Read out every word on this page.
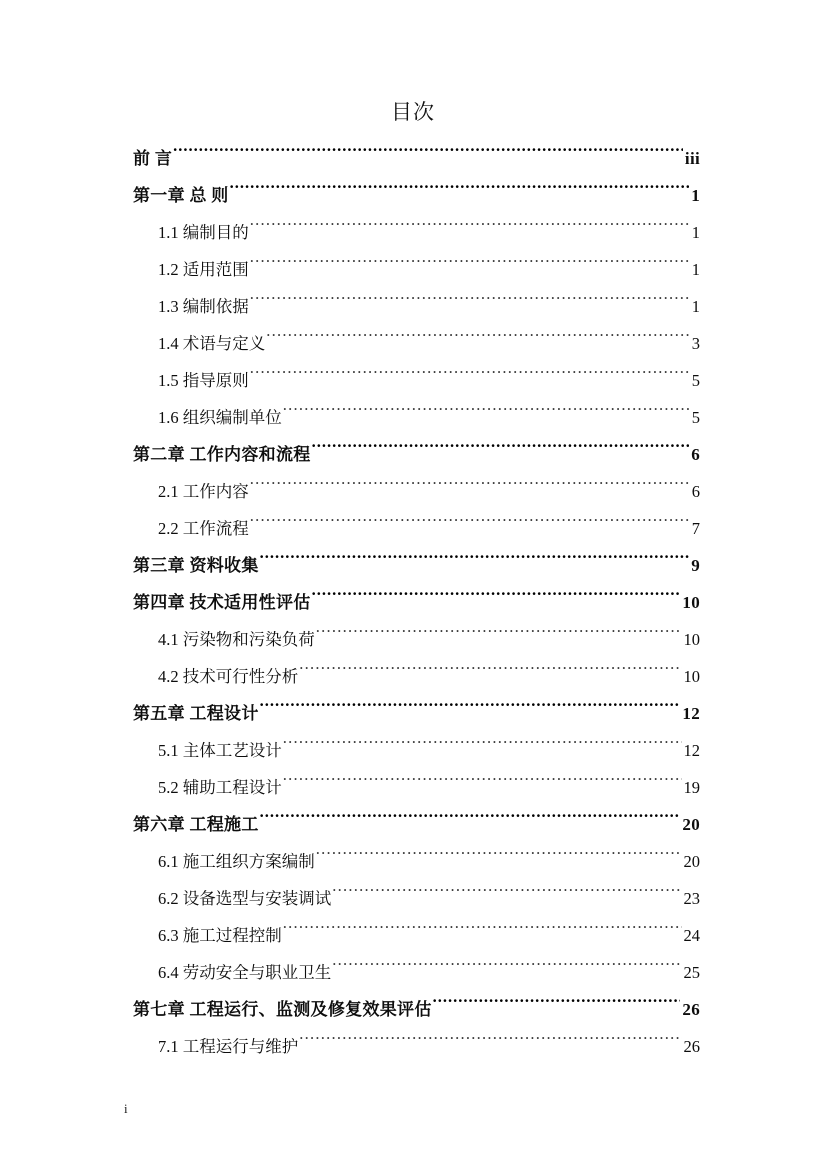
目次
前 言 .....	iii
第一章 总 则 .....	1
1.1 编制目的 .....	1
1.2 适用范围 .....	1
1.3 编制依据 .....	1
1.4 术语与定义 .....	3
1.5 指导原则 .....	5
1.6 组织编制单位 .....	5
第二章 工作内容和流程 .....	6
2.1 工作内容 .....	6
2.2 工作流程 .....	7
第三章 资料收集 .....	9
第四章 技术适用性评估 .....	10
4.1 污染物和污染负荷 .....	10
4.2 技术可行性分析 .....	10
第五章 工程设计 .....	12
5.1 主体工艺设计 .....	12
5.2 辅助工程设计 .....	19
第六章 工程施工 .....	20
6.1 施工组织方案编制 .....	20
6.2 设备选型与安装调试 .....	23
6.3 施工过程控制 .....	24
6.4 劳动安全与职业卫生 .....	25
第七章 工程运行、监测及修复效果评估 .....	26
7.1 工程运行与维护 .....	26
i
